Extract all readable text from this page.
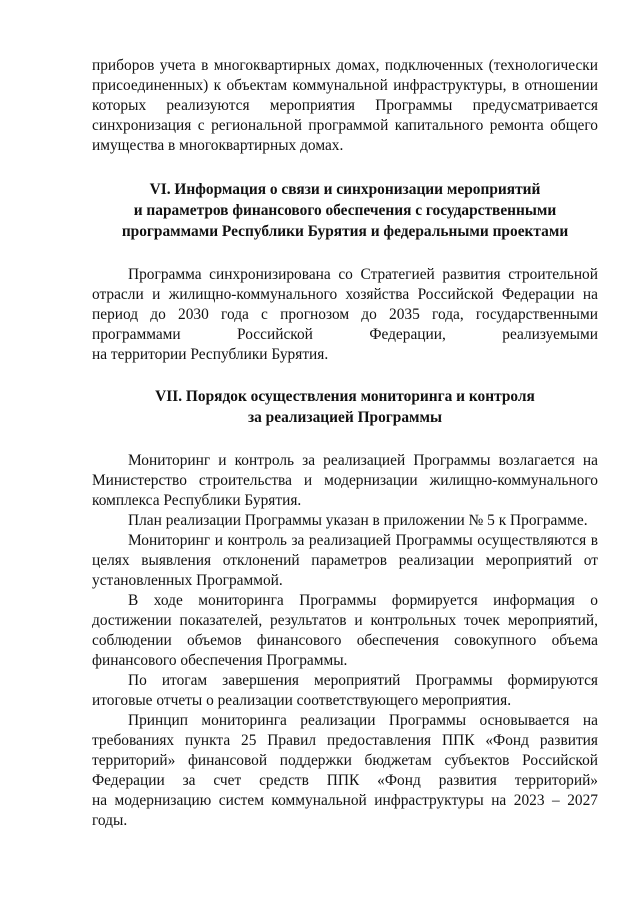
приборов учета в многоквартирных домах, подключенных (технологически присоединенных) к объектам коммунальной инфраструктуры, в отношении которых реализуются мероприятия Программы предусматривается синхронизация с региональной программой капитального ремонта общего имущества в многоквартирных домах.

VI. Информация о связи и синхронизации мероприятий

и параметров финансового обеспечения с государственными

программами Республики Бурятия и федеральными проектами

Программа синхронизирована со Стратегией развития строительной отрасли и жилищно-коммунального хозяйства Российской Федерации на период до 2030 года с прогнозом до 2035 года, государственными программами Российской Федерации, реализуемыми

на территории Республики Бурятия.

VII. Порядок осуществления мониторинга и контроля

за реализацией Программы

Мониторинг и контроль за реализацией Программы возлагается на Министерство строительства и модернизации жилищно-коммунального комплекса Республики Бурятия.

План реализации Программы указан в приложении № 5 к Программе.

Мониторинг и контроль за реализацией Программы осуществляются в целях выявления отклонений параметров реализации мероприятий от установленных Программой.

В ходе мониторинга Программы формируется информация о достижении показателей, результатов и контрольных точек мероприятий, соблюдении объемов финансового обеспечения совокупного объема финансового обеспечения Программы.

По итогам завершения мероприятий Программы формируются итоговые отчеты о реализации соответствующего мероприятия.

Принцип мониторинга реализации Программы основывается на требованиях пункта 25 Правил предоставления ППК «Фонд развития территорий» финансовой поддержки бюджетам субъектов Российской Федерации за счет средств ППК «Фонд развития территорий»

на модернизацию систем коммунальной инфраструктуры на 2023 – 2027 годы.
